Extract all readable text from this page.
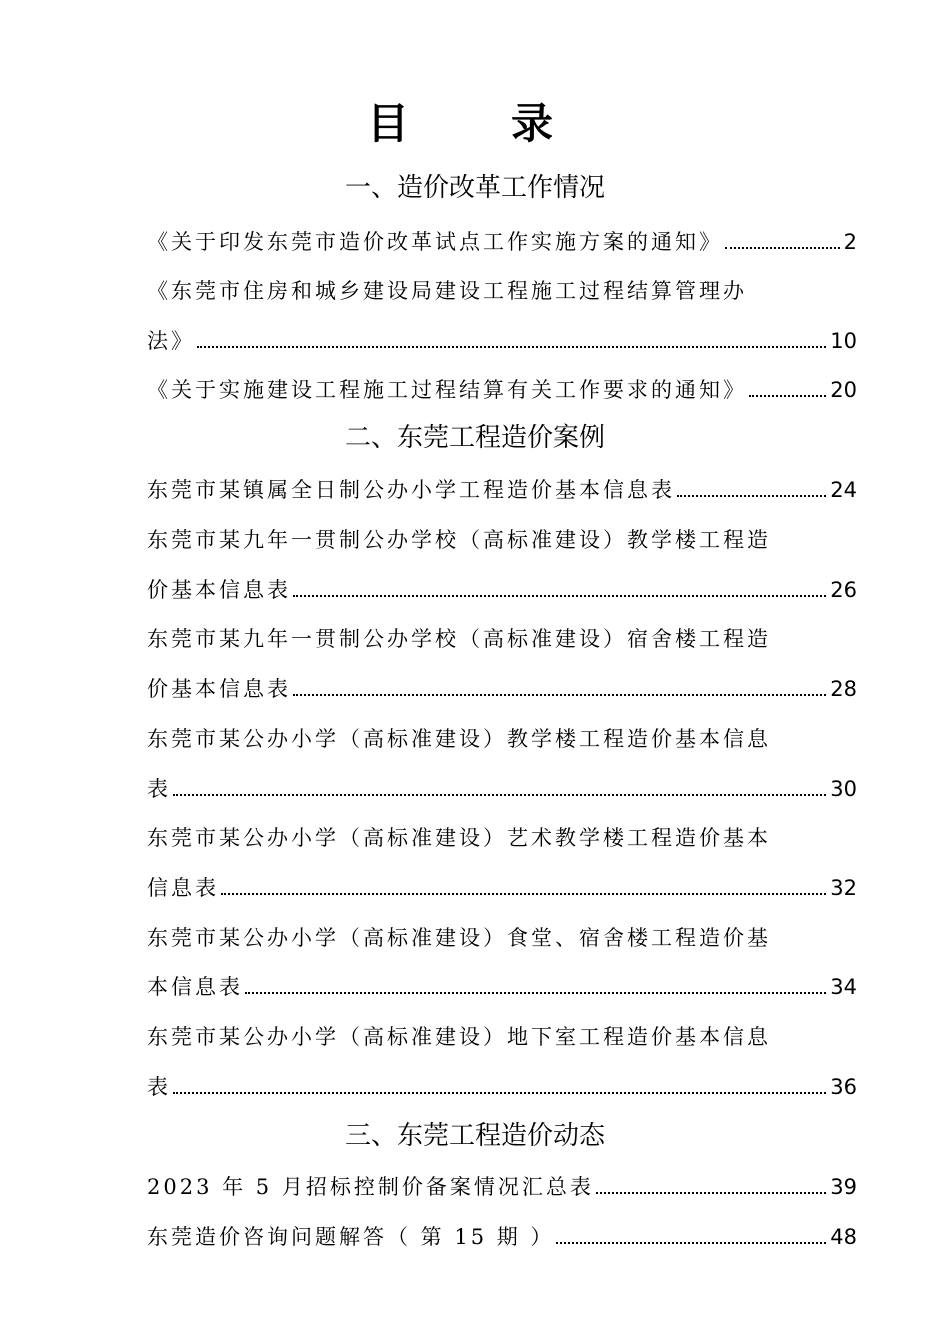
目　录
一、造价改革工作情况
《关于印发东莞市造价改革试点工作实施方案的通知》	2
《东莞市住房和城乡建设局建设工程施工过程结算管理办
法》	10
《关于实施建设工程施工过程结算有关工作要求的通知》	20
二、东莞工程造价案例
东莞市某镇属全日制公办小学工程造价基本信息表	24
东莞市某九年一贯制公办学校（高标准建设）教学楼工程造
价基本信息表	26
东莞市某九年一贯制公办学校（高标准建设）宿舍楼工程造
价基本信息表	28
东莞市某公办小学（高标准建设）教学楼工程造价基本信息
表	30
东莞市某公办小学（高标准建设）艺术教学楼工程造价基本
信息表	32
东莞市某公办小学（高标准建设）食堂、宿舍楼工程造价基
本信息表	34
东莞市某公办小学（高标准建设）地下室工程造价基本信息
表	36
三、东莞工程造价动态
2023 年 5 月招标控制价备案情况汇总表	39
东莞造价咨询问题解答（ 第 15 期 ）	48
